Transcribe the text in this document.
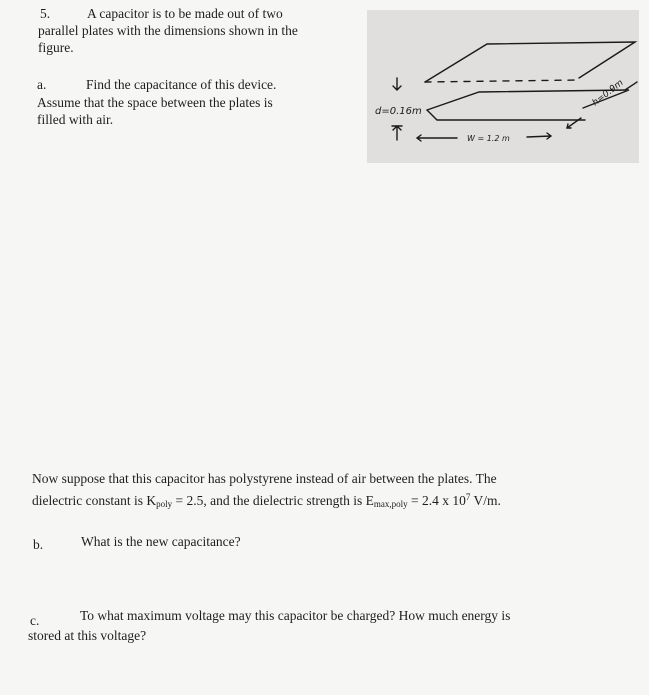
5.	A capacitor is to be made out of two
parallel plates with the dimensions shown in the
figure.
a.	Find the capacitance of this device.
Assume that the space between the plates is
filled with air.
d=0.16m
W = 1.2 m
h=0.9m
Now suppose that this capacitor has polystyrene instead of air between the plates. The
dielectric constant is $K_{poly} = 2.5$, and the dielectric strength is $E_{max,poly} = 2.4$ x $10^7$ V/m.
b.	What is the new capacitance?
c.	To what maximum voltage may this capacitor be charged? How much energy is
stored at this voltage?
